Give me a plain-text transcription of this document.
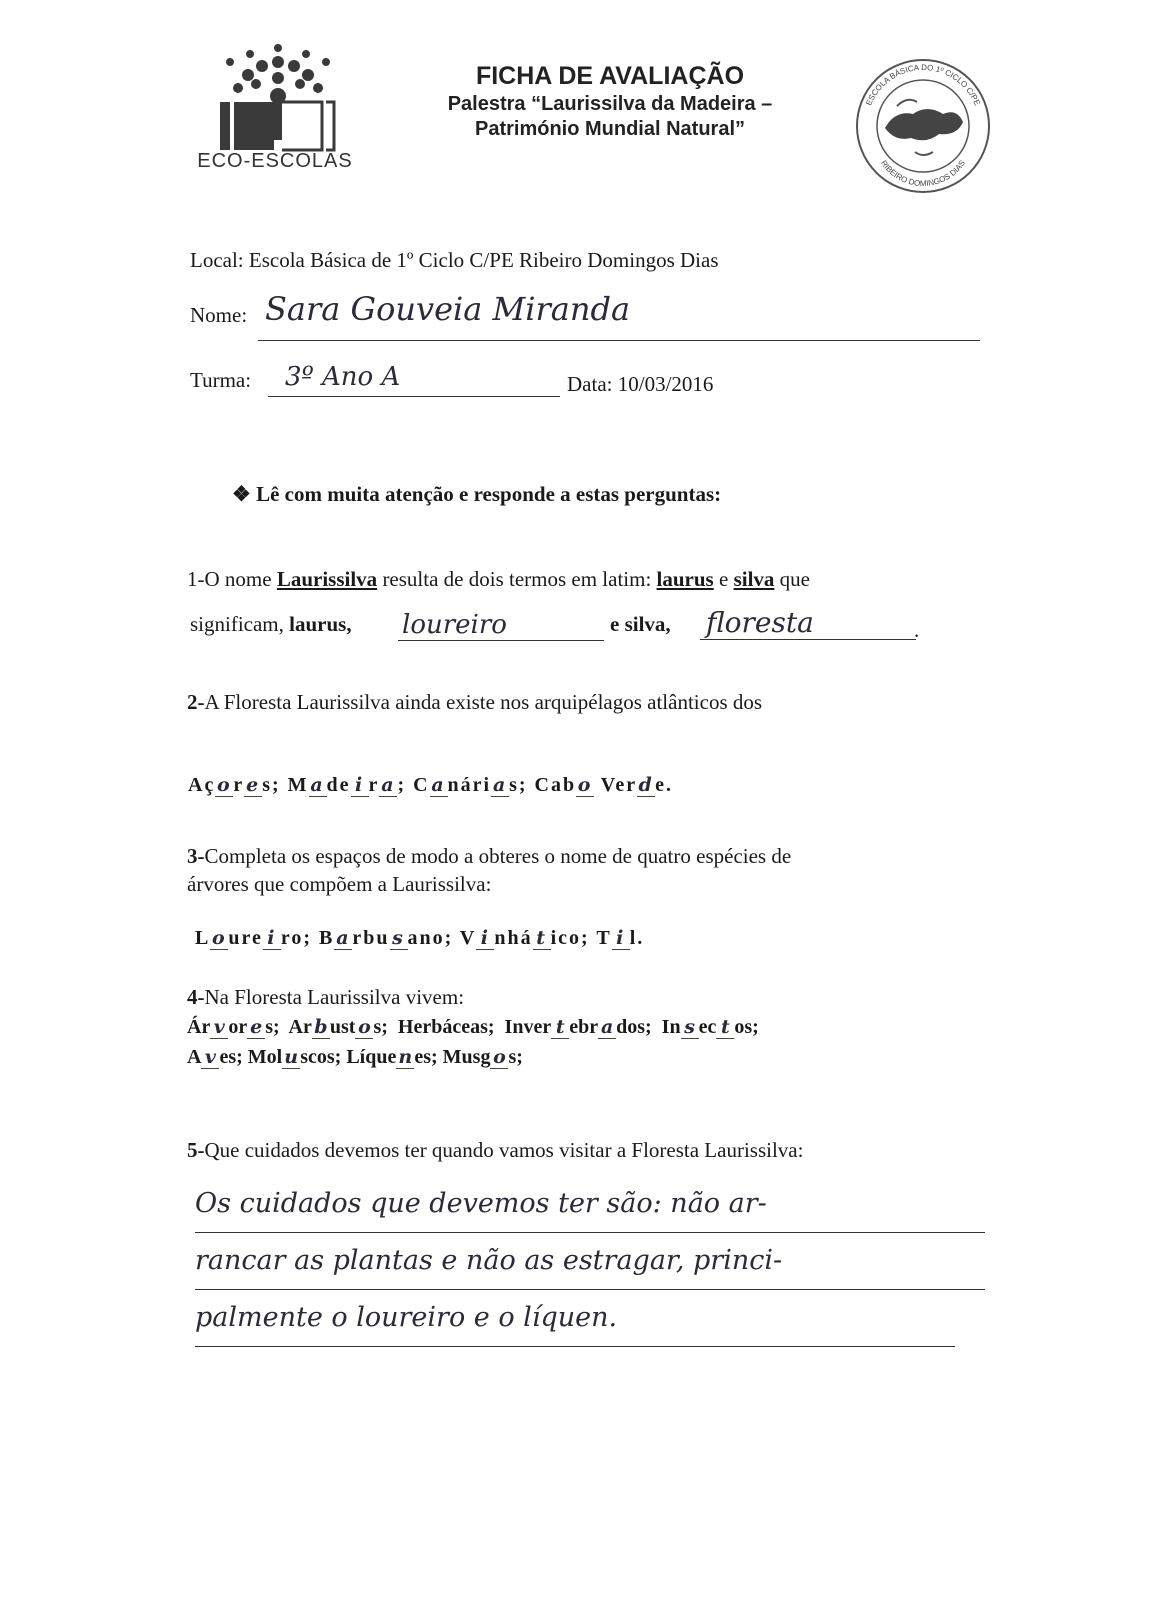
ECO-ESCOLAS
FICHA DE AVALIAÇÃO
Palestra “Laurissilva da Madeira –
Património Mundial Natural”
ESCOLA BÁSICA DO 1º CICLO C/PE
RIBEIRO DOMINGOS DIAS
Local: Escola Básica de 1º Ciclo C/PE Ribeiro Domingos Dias
Nome: Sara Gouveia Miranda
Turma: 3º Ano A	Data: 10/03/2016
❖ Lê com muita atenção e responde a estas perguntas:
1-O nome Laurissilva resulta de dois termos em latim: laurus e silva que
significam, laurus, loureiro	e silva, floresta	.
2-A Floresta Laurissilva ainda existe nos arquipélagos atlânticos dos
Açor es; Made i ra; Canárias; Cabo Verde.
3-Completa os espaços de modo a obteres o nome de quatro espécies de
árvores que compõem a Laurissilva:
Loure i ro; Barbu s ano; V i nhá t ico; T i l.
4-Na Floresta Laurissilva vivem:
Ár v or e s;  Ar b ust o s;  Herbáceas;  Inver t ebr a dos;  In s ec t os;
A v es; Mol u scos; Líque n es; Musg o s;
5-Que cuidados devemos ter quando vamos visitar a Floresta Laurissilva:
Os cuidados que devemos ter são: não ar-
rancar as plantas e não as estragar, princi-
palmente o loureiro e o líquen.
